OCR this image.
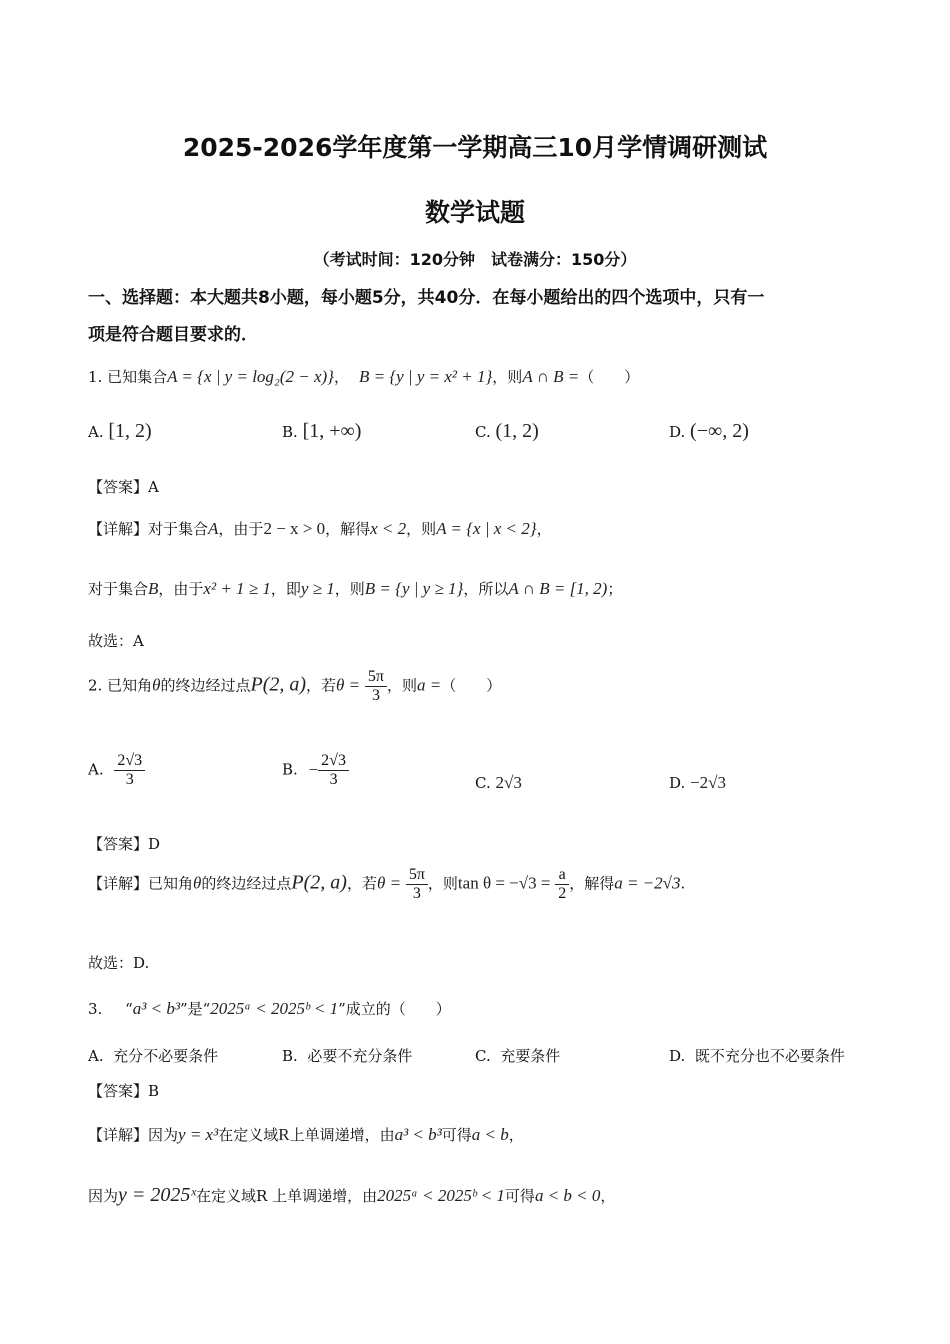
2025-2026学年度第一学期高三10月学情调研测试
数学试题
（考试时间：120分钟　试卷满分：150分）
一、选择题：本大题共8小题，每小题5分，共40分．在每小题给出的四个选项中，只有一
项是符合题目要求的．
1. 已知集合A = {x | y = log₂(2 − x)}， B = {y | y = x² + 1}，则A ∩ B =（　　）
A. [1, 2)	B. [1, +∞)	C. (1, 2)	D. (−∞, 2)
【答案】A
【详解】对于集合A，由于2 − x > 0，解得x < 2，则A = {x | x < 2}，
对于集合B，由于x² + 1 ≥ 1，即y ≥ 1，则B = {y | y ≥ 1}，所以A ∩ B = [1, 2)；
故选：A
2. 已知角θ的终边经过点P(2, a)，若$\theta = \frac{5\pi}{3}$ ，则a =（　　）
A. $\frac{2√3}{3}$	B. − $\frac{2√3}{3}$	C. 2√3	D. −2√3
【答案】D
【详解】已知角θ的终边经过点P(2, a)，若$\theta = \frac{5\pi}{3}$ ，则$\tan \theta = -√3 = \frac{a}{2}$ ，解得a = −2√3.
故选：D.
3. “a³ < b³”是“2025ᵃ < 2025ᵇ < 1”成立的（　　）
A. 充分不必要条件	B. 必要不充分条件	C. 充要条件	D. 既不充分也不必要条件
【答案】B
【详解】因为y = x³在定义域R上单调递增，由a³ < b³可得a < b，
因为y = 2025ˣ在定义域R 上单调递增，由2025ᵃ < 2025ᵇ < 1可得a < b < 0，
